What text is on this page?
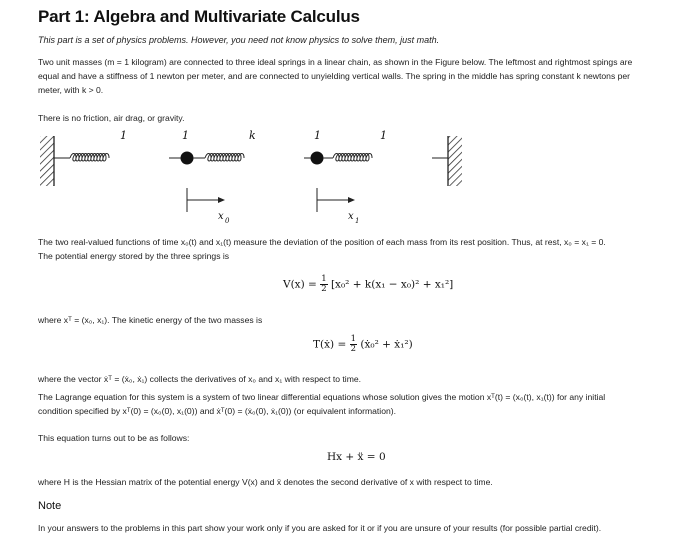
Part 1: Algebra and Multivariate Calculus
This part is a set of physics problems. However, you need not know physics to solve them, just math.
Two unit masses (m = 1 kilogram) are connected to three ideal springs in a linear chain, as shown in the Figure below. The leftmost and rightmost spings are
equal and have a stiffness of 1 newton per meter, and are connected to unyielding vertical walls. The spring in the middle has spring constant k newtons per
meter, with k > 0.
There is no friction, air drag, or gravity.
1	1	k	1	1
x 0	x 1
The two real-valued functions of time x₀(t) and x₁(t) measure the deviation of the position of each mass from its rest position. Thus, at rest, x₀ = x₁ = 0.
The potential energy stored by the three springs is
$V(x) = \frac{1}{2} [x_0^2 + k(x_1 - x_0)^2 + x_1^2]$
where xᵀ = (x₀, x₁). The kinetic energy of the two masses is
T(ẋ) = $\frac{1}{2}$ (ẋ₀² + ẋ₁²)
where the vector ẋᵀ = (ẋ₀, ẋ₁) collects the derivatives of x₀ and x₁ with respect to time.
The Lagrange equation for this system is a system of two linear differential equations whose solution gives the motion xᵀ(t) = (x₀(t), x₁(t)) for any initial
condition specified by xᵀ(0) = (x₀(0), x₁(0)) and ẋᵀ(0) = (ẋ₀(0), ẋ₁(0)) (or equivalent information).
This equation turns out to be as follows:
Hx + ẍ = 0
where H is the Hessian matrix of the potential energy V(x) and ẍ denotes the second derivative of x with respect to time.
Note
In your answers to the problems in this part show your work only if you are asked for it or if you are unsure of your results (for possible partial credit).
